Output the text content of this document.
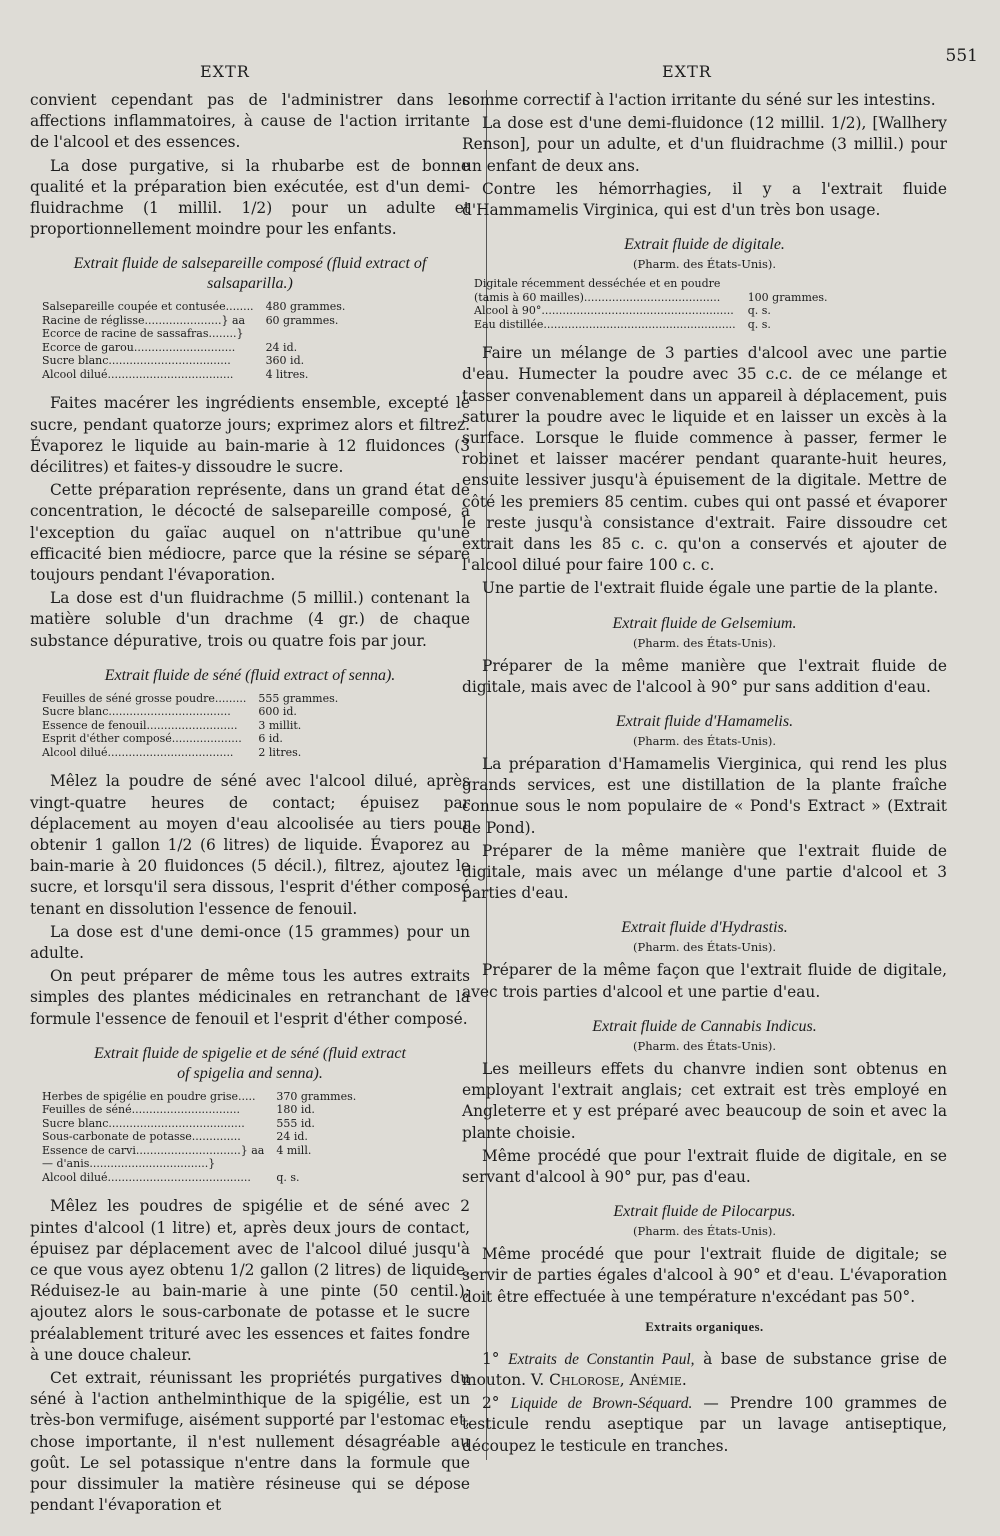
EXTR	EXTR
551

convient cependant pas de l'administrer dans les affections inflammatoires, à cause de l'action irritante de l'alcool et des essences.

La dose purgative, si la rhubarbe est de bonne qualité et la préparation bien exécutée, est d'un demi-fluidrachme (1 millil. 1/2) pour un adulte et proportionnellement moindre pour les enfants.

Extrait fluide de salsepareille composé (fluid extract of salsaparilla.)
Salsepareille coupée et contusée........	480 grammes.
Racine de réglisse......................} aa	60 grammes.
Ecorce de racine de sassafras........}	
Ecorce de garou.............................	24 id.
Sucre blanc...................................	360 id.
Alcool dilué....................................	4 litres.

Faites macérer les ingrédients ensemble, excepté le sucre, pendant quatorze jours; exprimez alors et filtrez. Évaporez le liquide au bain-marie à 12 fluidonces (3 décilitres) et faites-y dissoudre le sucre.

Cette préparation représente, dans un grand état de concentration, le décocté de salsepareille composé, à l'exception du gaïac auquel on n'attribue qu'une efficacité bien médiocre, parce que la résine se sépare toujours pendant l'évaporation.

La dose est d'un fluidrachme (5 millil.) contenant la matière soluble d'un drachme (4 gr.) de chaque substance dépurative, trois ou quatre fois par jour.

Extrait fluide de séné (fluid extract of senna).
Feuilles de séné grosse poudre.........	555 grammes.
Sucre blanc...................................	600 id.
Essence de fenouil..........................	3 millit.
Esprit d'éther composé....................	6 id.
Alcool dilué....................................	2 litres.

Mêlez la poudre de séné avec l'alcool dilué, après vingt-quatre heures de contact; épuisez par déplacement au moyen d'eau alcoolisée au tiers pour obtenir 1 gallon 1/2 (6 litres) de liquide. Évaporez au bain-marie à 20 fluidonces (5 décil.), filtrez, ajoutez le sucre, et lorsqu'il sera dissous, l'esprit d'éther composé tenant en dissolution l'essence de fenouil.

La dose est d'une demi-once (15 grammes) pour un adulte.

On peut préparer de même tous les autres extraits simples des plantes médicinales en retranchant de la formule l'essence de fenouil et l'esprit d'éther composé.

Extrait fluide de spigelie et de séné (fluid extract
of spigelia and senna).
Herbes de spigélie en poudre grise.....	370 grammes.
Feuilles de séné...............................	180 id.
Sucre blanc.......................................	555 id.
Sous-carbonate de potasse..............	24 id.
Essence de carvi..............................} aa	4 mill.
— d'anis..................................}	
Alcool dilué.........................................	q. s.

Mêlez les poudres de spigélie et de séné avec 2 pintes d'alcool (1 litre) et, après deux jours de contact, épuisez par déplacement avec de l'alcool dilué jusqu'à ce que vous ayez obtenu 1/2 gallon (2 litres) de liquide. Réduisez-le au bain-marie à une pinte (50 centil.); ajoutez alors le sous-carbonate de potasse et le sucre préalablement trituré avec les essences et faites fondre à une douce chaleur.

Cet extrait, réunissant les propriétés purgatives du séné à l'action anthelminthique de la spigélie, est un très-bon vermifuge, aisément supporté par l'estomac et, chose importante, il n'est nullement désagréable au goût. Le sel potassique n'entre dans la formule que pour dissimuler la matière résineuse qui se dépose pendant l'évaporation et

comme correctif à l'action irritante du séné sur les intestins.

La dose est d'une demi-fluidonce (12 millil. 1/2), [Wallhery Renson], pour un adulte, et d'un fluidrachme (3 millil.) pour un enfant de deux ans.

Contre les hémorrhagies, il y a l'extrait fluide d'Hammamelis Virginica, qui est d'un très bon usage.

Extrait fluide de digitale.
(Pharm. des États-Unis).
Digitale récemment desséchée et en poudre	
(tamis à 60 mailles).......................................	100 grammes.
Alcool à 90°.......................................................	q. s.
Eau distillée.......................................................	q. s.

Faire un mélange de 3 parties d'alcool avec une partie d'eau. Humecter la poudre avec 35 c.c. de ce mélange et tasser convenablement dans un appareil à déplacement, puis saturer la poudre avec le liquide et en laisser un excès à la surface. Lorsque le fluide commence à passer, fermer le robinet et laisser macérer pendant quarante-huit heures, ensuite lessiver jusqu'à épuisement de la digitale. Mettre de côté les premiers 85 centim. cubes qui ont passé et évaporer le reste jusqu'à consistance d'extrait. Faire dissoudre cet extrait dans les 85 c. c. qu'on a conservés et ajouter de l'alcool dilué pour faire 100 c. c.

Une partie de l'extrait fluide égale une partie de la plante.

Extrait fluide de Gelsemium.
(Pharm. des États-Unis).

Préparer de la même manière que l'extrait fluide de digitale, mais avec de l'alcool à 90° pur sans addition d'eau.

Extrait fluide d'Hamamelis.
(Pharm. des États-Unis).

La préparation d'Hamamelis Vierginica, qui rend les plus grands services, est une distillation de la plante fraîche connue sous le nom populaire de « Pond's Extract » (Extrait de Pond).

Préparer de la même manière que l'extrait fluide de digitale, mais avec un mélange d'une partie d'alcool et 3 parties d'eau.

Extrait fluide d'Hydrastis.
(Pharm. des États-Unis).

Préparer de la même façon que l'extrait fluide de digitale, avec trois parties d'alcool et une partie d'eau.

Extrait fluide de Cannabis Indicus.
(Pharm. des États-Unis).

Les meilleurs effets du chanvre indien sont obtenus en employant l'extrait anglais; cet extrait est très employé en Angleterre et y est préparé avec beaucoup de soin et avec la plante choisie.

Même procédé que pour l'extrait fluide de digitale, en se servant d'alcool à 90° pur, pas d'eau.

Extrait fluide de Pilocarpus.
(Pharm. des États-Unis).

Même procédé que pour l'extrait fluide de digitale; se servir de parties égales d'alcool à 90° et d'eau. L'évaporation doit être effectuée à une température n'excédant pas 50°.

Extraits organiques.

1° Extraits de Constantin Paul, à base de substance grise de mouton. V. Chlorose, Anémie.

2° Liquide de Brown-Séquard. — Prendre 100 grammes de testicule rendu aseptique par un lavage antiseptique, découpez le testicule en tranches.
